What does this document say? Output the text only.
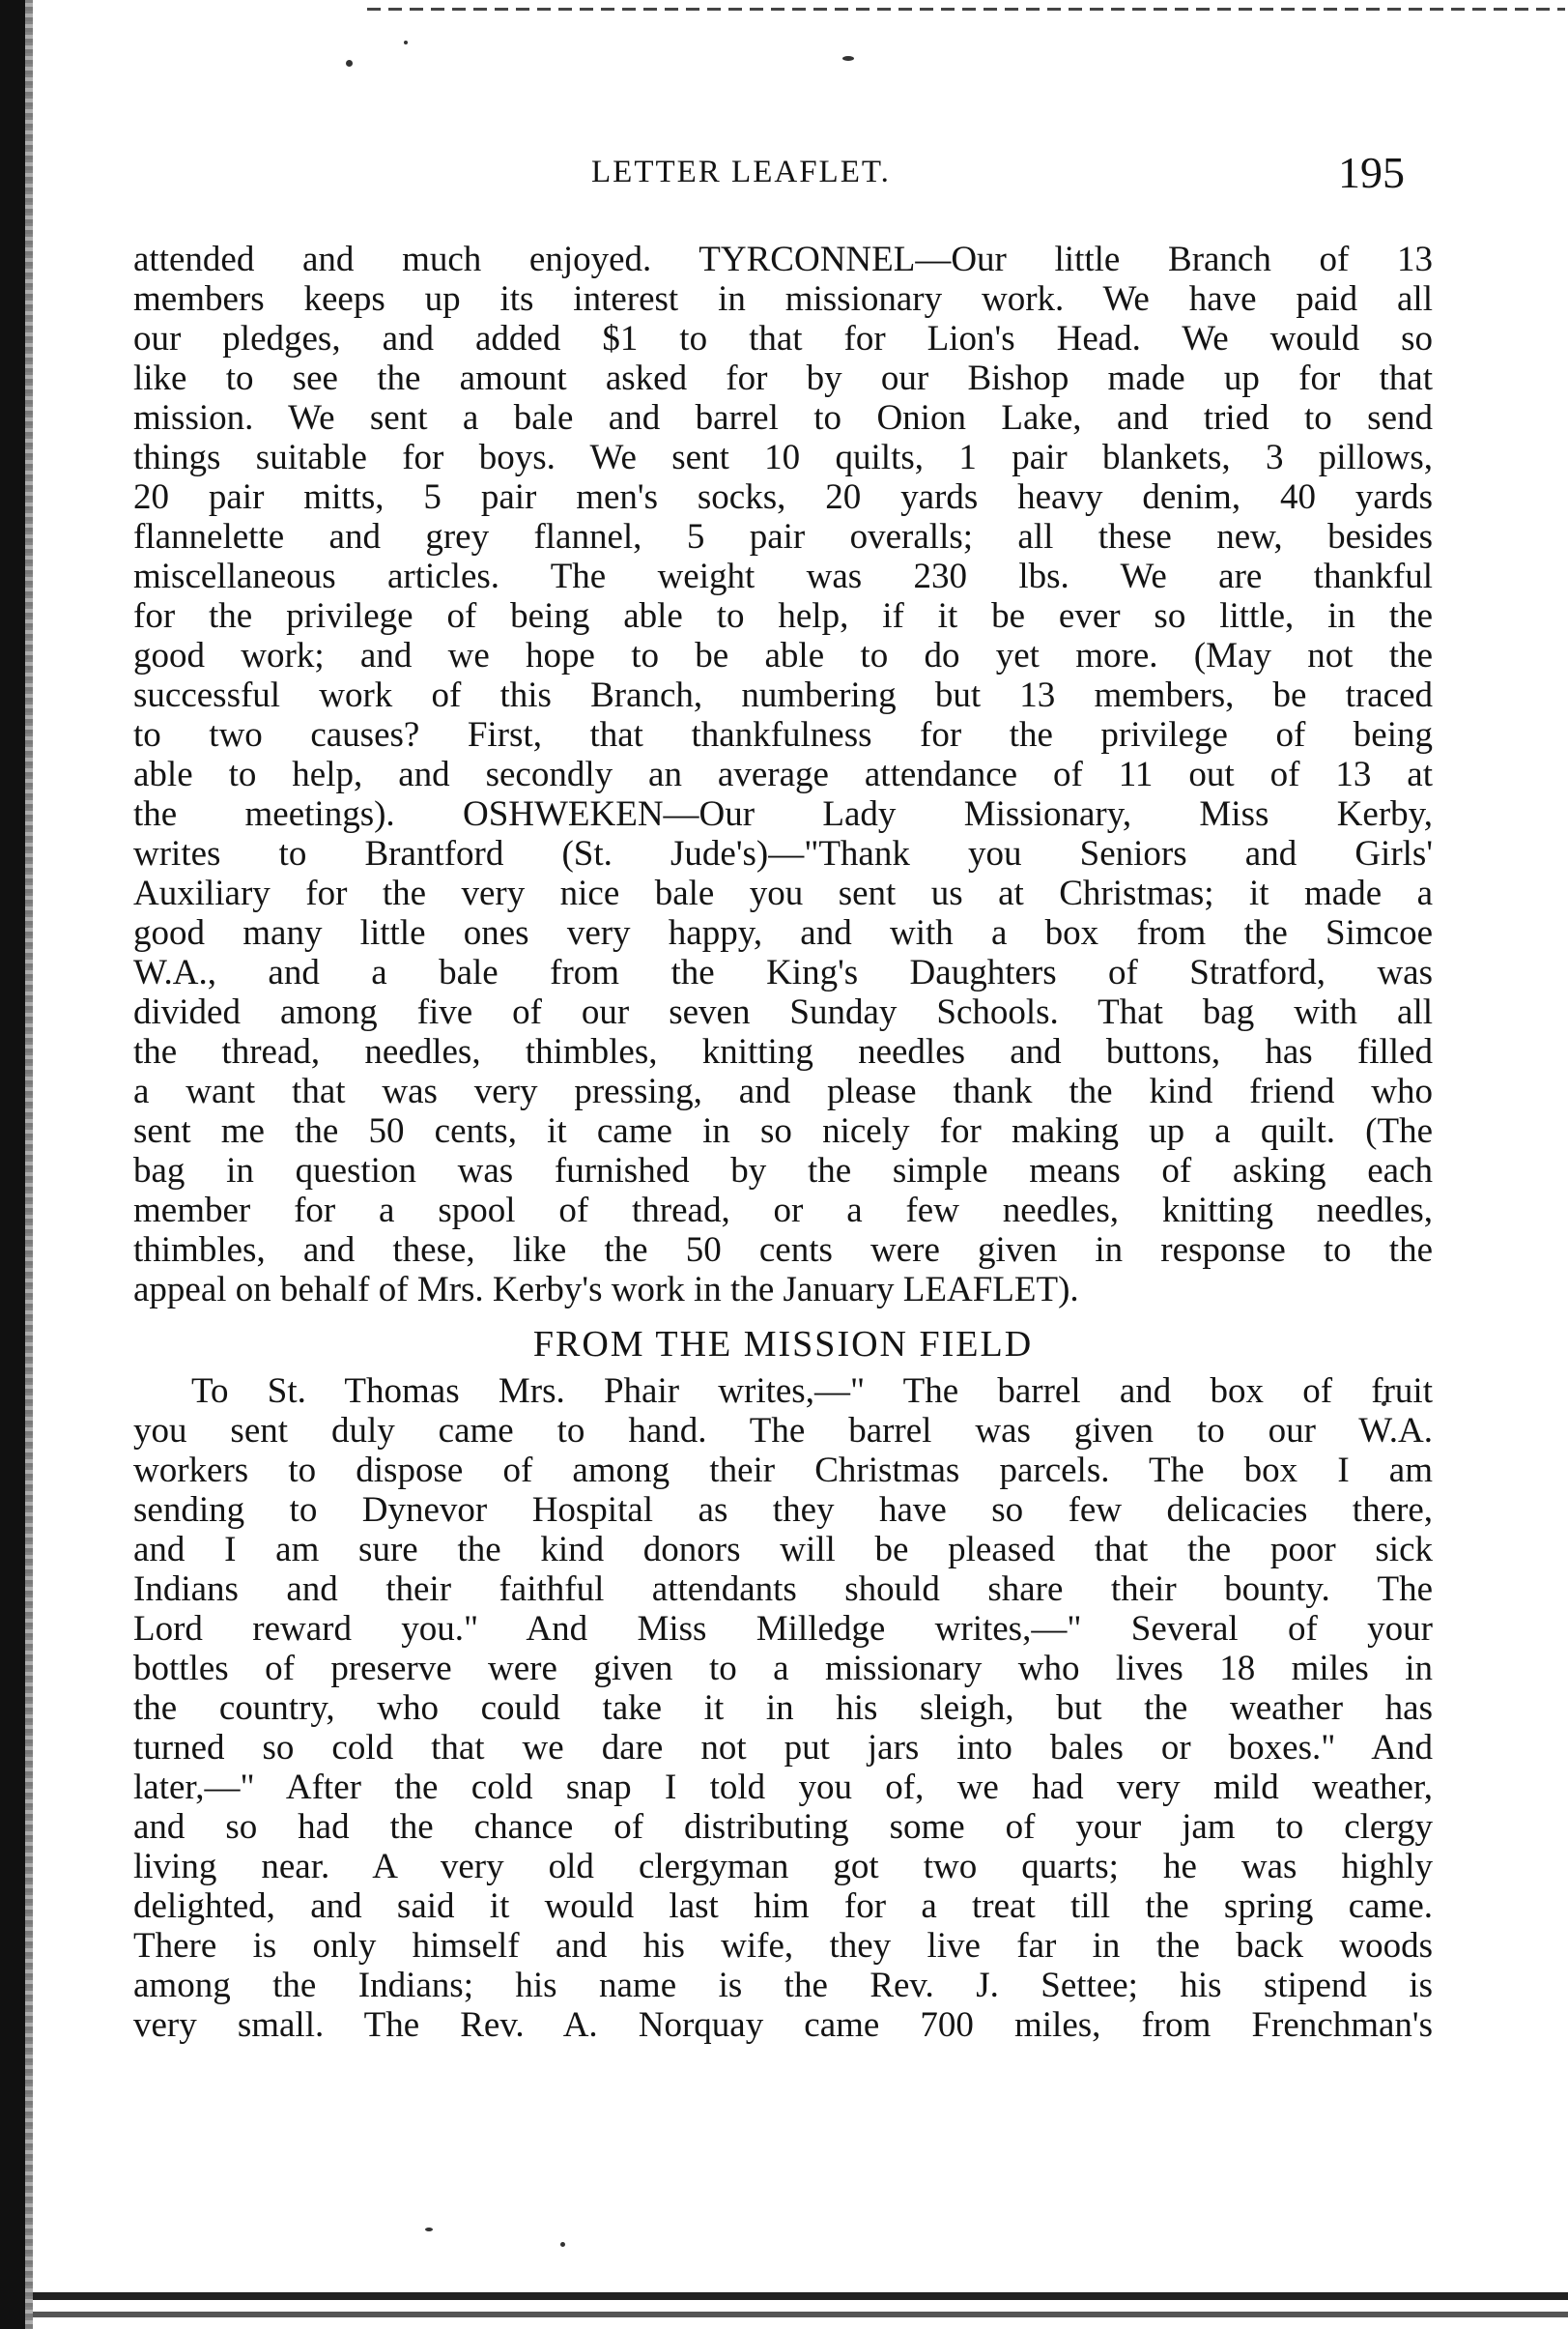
LETTER LEAFLET.	195
attended and much enjoyed. TYRCONNEL—Our little Branch of 13
members keeps up its interest in missionary work. We have paid all
our pledges, and added $1 to that for Lion's Head. We would so
like to see the amount asked for by our Bishop made up for that
mission. We sent a bale and barrel to Onion Lake, and tried to send
things suitable for boys. We sent 10 quilts, 1 pair blankets, 3 pillows,
20 pair mitts, 5 pair men's socks, 20 yards heavy denim, 40 yards
flannelette and grey flannel, 5 pair overalls; all these new, besides
miscellaneous articles. The weight was 230 lbs. We are thankful
for the privilege of being able to help, if it be ever so little, in the
good work; and we hope to be able to do yet more. (May not the
successful work of this Branch, numbering but 13 members, be traced
to two causes? First, that thankfulness for the privilege of being
able to help, and secondly an average attendance of 11 out of 13 at
the meetings). OSHWEKEN—Our Lady Missionary, Miss Kerby,
writes to Brantford (St. Jude's)—"Thank you Seniors and Girls'
Auxiliary for the very nice bale you sent us at Christmas; it made a
good many little ones very happy, and with a box from the Simcoe
W.A., and a bale from the King's Daughters of Stratford, was
divided among five of our seven Sunday Schools. That bag with all
the thread, needles, thimbles, knitting needles and buttons, has filled
a want that was very pressing, and please thank the kind friend who
sent me the 50 cents, it came in so nicely for making up a quilt. (The
bag in question was furnished by the simple means of asking each
member for a spool of thread, or a few needles, knitting needles,
thimbles, and these, like the 50 cents were given in response to the
appeal on behalf of Mrs. Kerby's work in the January LEAFLET).
FROM THE MISSION FIELD
To St. Thomas Mrs. Phair writes,—" The barrel and box of fruit
you sent duly came to hand. The barrel was given to our W.A.
workers to dispose of among their Christmas parcels. The box I am
sending to Dynevor Hospital as they have so few delicacies there,
and I am sure the kind donors will be pleased that the poor sick
Indians and their faithful attendants should share their bounty. The
Lord reward you." And Miss Milledge writes,—" Several of your
bottles of preserve were given to a missionary who lives 18 miles in
the country, who could take it in his sleigh, but the weather has
turned so cold that we dare not put jars into bales or boxes." And
later,—" After the cold snap I told you of, we had very mild weather,
and so had the chance of distributing some of your jam to clergy
living near. A very old clergyman got two quarts; he was highly
delighted, and said it would last him for a treat till the spring came.
There is only himself and his wife, they live far in the back woods
among the Indians; his name is the Rev. J. Settee; his stipend is
very small. The Rev. A. Norquay came 700 miles, from Frenchman's
